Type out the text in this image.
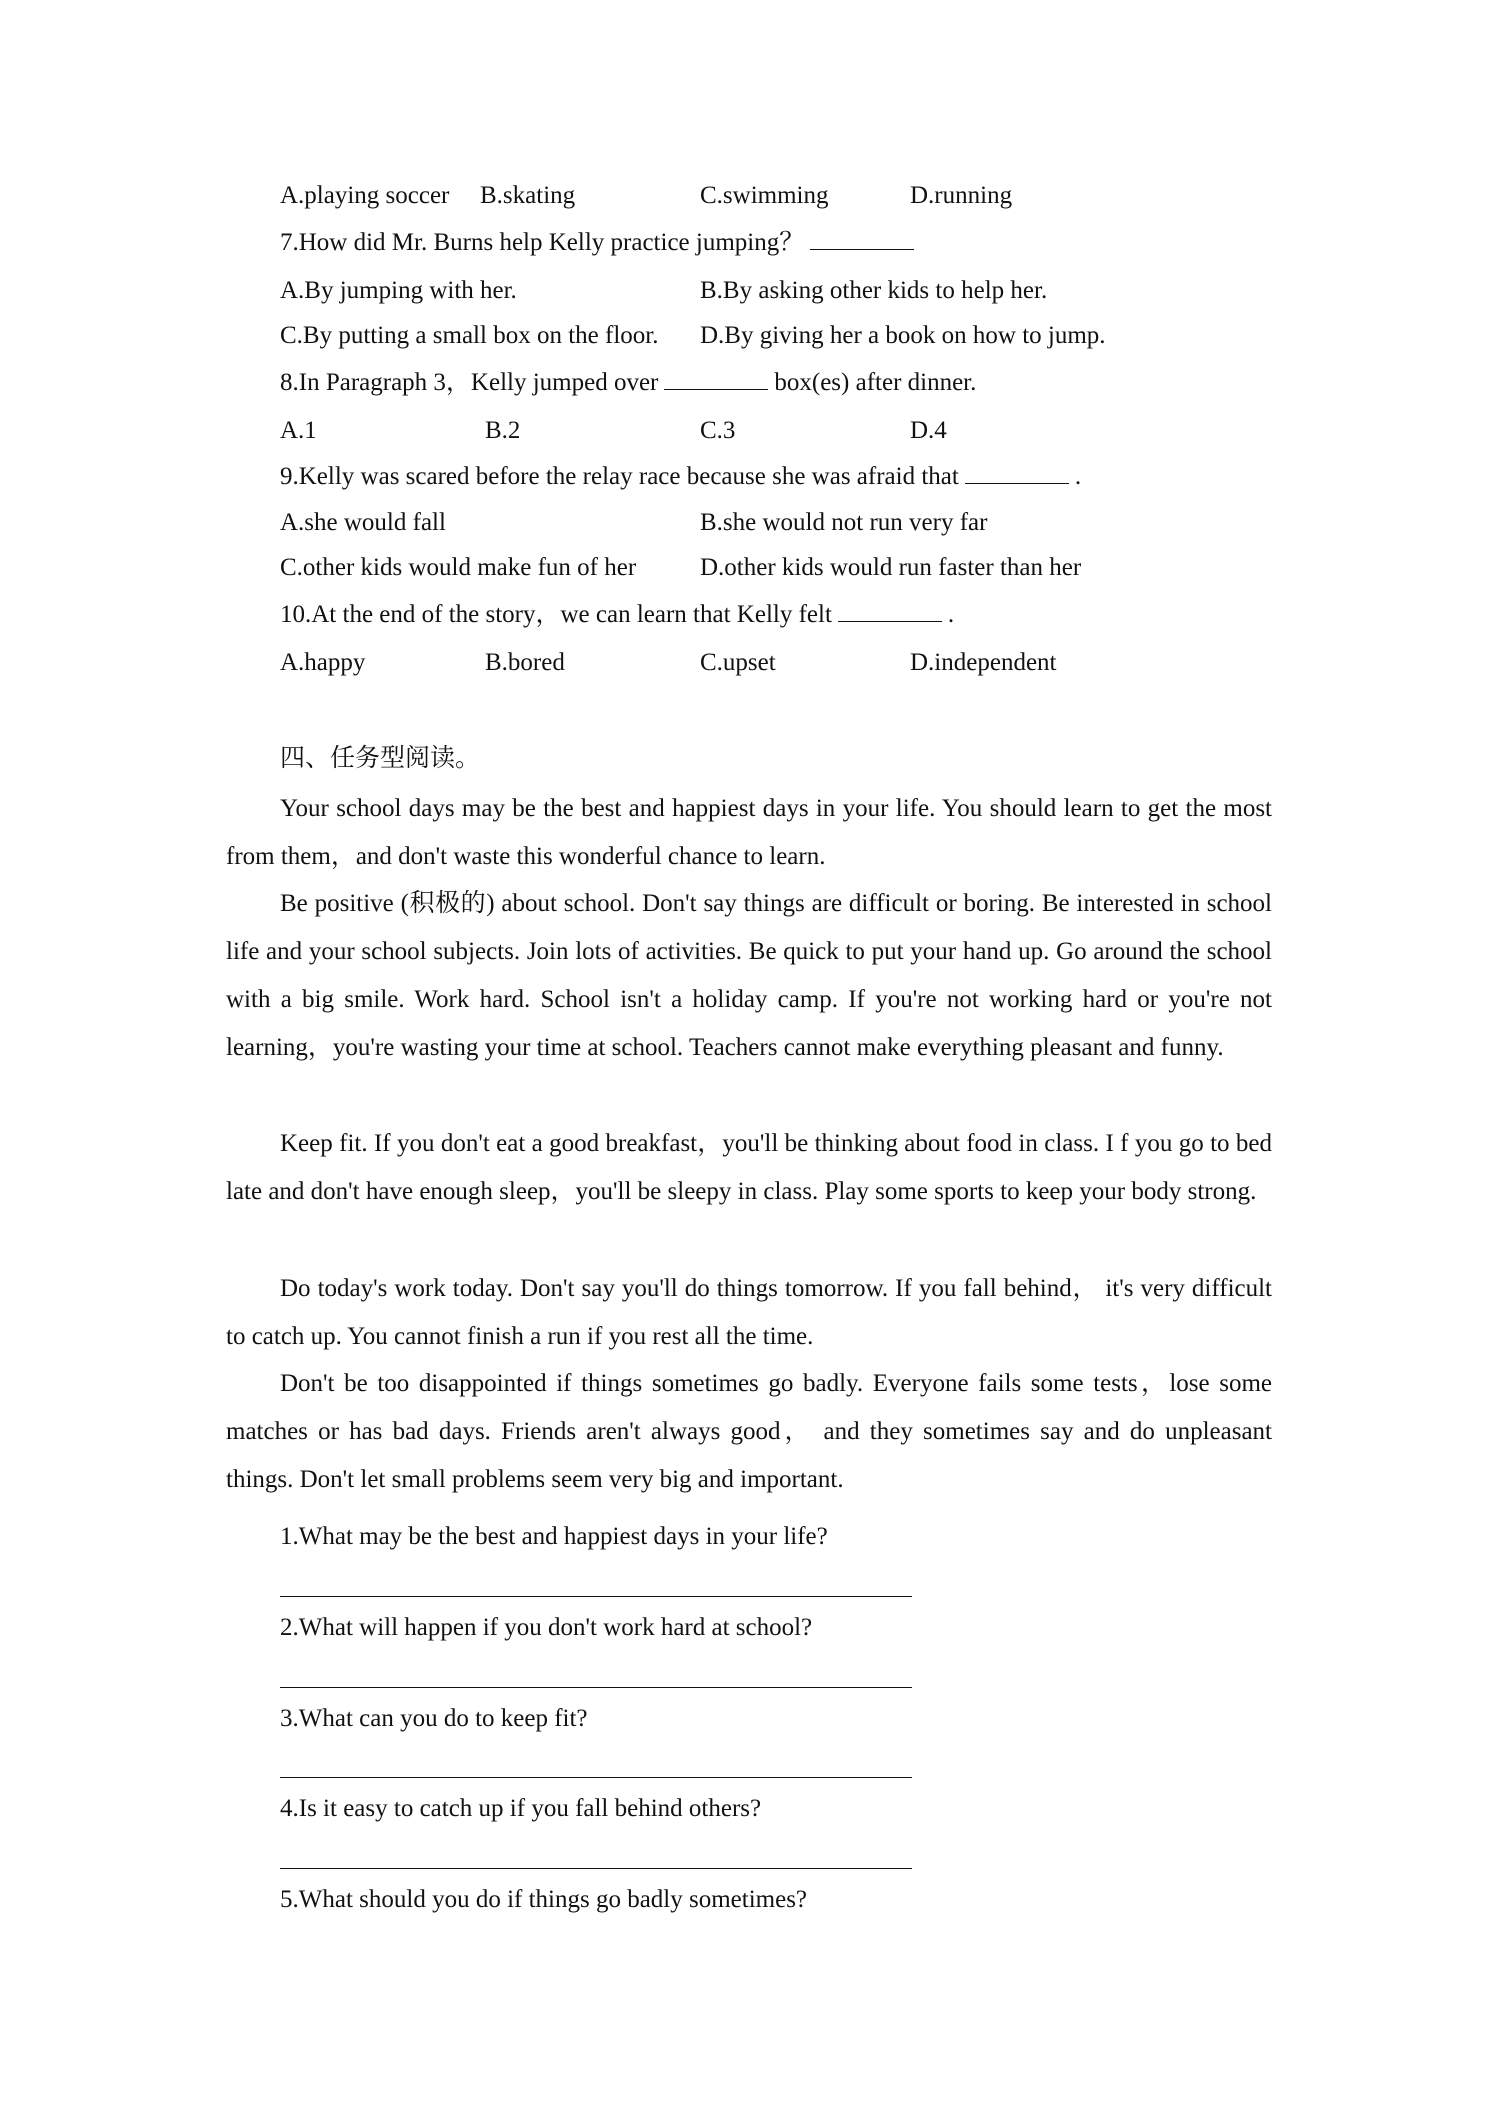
A.playing soccer B.skating	C.swimming	D.running
7.How did Mr. Burns help Kelly practice jumping？
A.By jumping with her.	B.By asking other kids to help her.
C.By putting a small box on the floor. D.By giving her a book on how to jump.
8.In Paragraph 3，Kelly jumped over	box(es) after dinner.
A.1	B.2	C.3	D.4
9.Kelly was scared before the relay race because she was afraid that	.
A.she would fall	B.she would not run very far
C.other kids would make fun of her	D.other kids would run faster than her
10.At the end of the story，we can learn that Kelly felt	.
A.happy	B.bored	C.upset	D.independent
四、任务型阅读。
Your school days may be the best and happiest days in your life. You should learn to get the most from them，and don't waste this wonderful chance to learn.
Be positive (积极的) about school. Don't say things are difficult or boring. Be interested in school life and your school subjects. Join lots of activities. Be quick to put your hand up. Go around the school with a big smile. Work hard. School isn't a holiday camp. If you're not working hard or you're not learning，you're wasting your time at school. Teachers cannot make everything pleasant and funny.
Keep fit. If you don't eat a good breakfast，you'll be thinking about food in class. I f you go to bed late and don't have enough sleep，you'll be sleepy in class. Play some sports to keep your body strong.
Do today's work today. Don't say you'll do things tomorrow. If you fall behind， it's very difficult to catch up. You cannot finish a run if you rest all the time.
Don't be too disappointed if things sometimes go badly. Everyone fails some tests，lose some matches or has bad days. Friends aren't always good， and they sometimes say and do unpleasant things. Don't let small problems seem very big and important.
1.What may be the best and happiest days in your life?
2.What will happen if you don't work hard at school?
3.What can you do to keep fit?
4.Is it easy to catch up if you fall behind others?
5.What should you do if things go badly sometimes?
